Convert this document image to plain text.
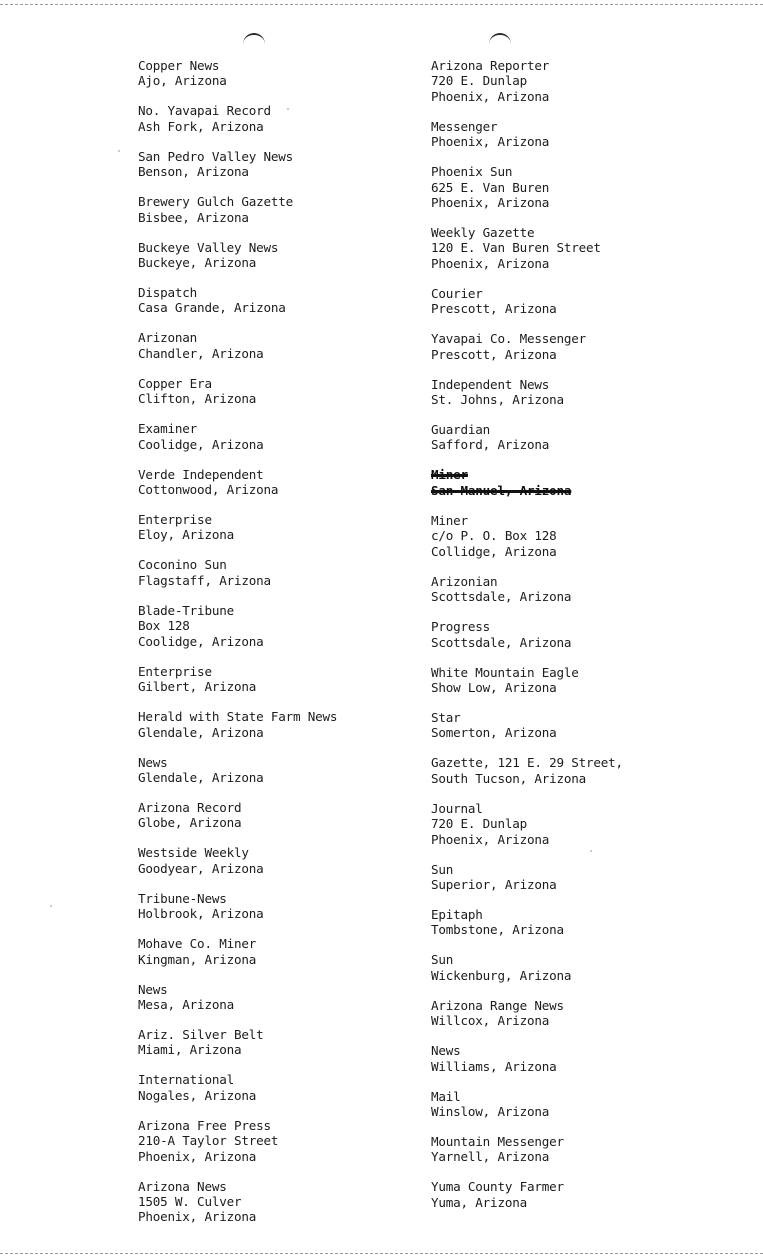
Copper News
Ajo, Arizona
No. Yavapai Record
Ash Fork, Arizona
San Pedro Valley News
Benson, Arizona
Brewery Gulch Gazette
Bisbee, Arizona
Buckeye Valley News
Buckeye, Arizona
Dispatch
Casa Grande, Arizona
Arizonan
Chandler, Arizona
Copper Era
Clifton, Arizona
Examiner
Coolidge, Arizona
Verde Independent
Cottonwood, Arizona
Enterprise
Eloy, Arizona
Coconino Sun
Flagstaff, Arizona
Blade-Tribune
Box 128
Coolidge, Arizona
Enterprise
Gilbert, Arizona
Herald with State Farm News
Glendale, Arizona
News
Glendale, Arizona
Arizona Record
Globe, Arizona
Westside Weekly
Goodyear, Arizona
Tribune-News
Holbrook, Arizona
Mohave Co. Miner
Kingman, Arizona
News
Mesa, Arizona
Ariz. Silver Belt
Miami, Arizona
International
Nogales, Arizona
Arizona Free Press
210-A Taylor Street
Phoenix, Arizona
Arizona News
1505 W. Culver
Phoenix, Arizona
Arizona Reporter
720 E. Dunlap
Phoenix, Arizona
Messenger
Phoenix, Arizona
Phoenix Sun
625 E. Van Buren
Phoenix, Arizona
Weekly Gazette
120 E. Van Buren Street
Phoenix, Arizona
Courier
Prescott, Arizona
Yavapai Co. Messenger
Prescott, Arizona
Independent News
St. Johns, Arizona
Guardian
Safford, Arizona
Miner
San Manuel, Arizona
Miner
c/o P. O. Box 128
Collidge, Arizona
Arizonian
Scottsdale, Arizona
Progress
Scottsdale, Arizona
White Mountain Eagle
Show Low, Arizona
Star
Somerton, Arizona
Gazette, 121 E. 29 Street,
South Tucson, Arizona
Journal
720 E. Dunlap
Phoenix, Arizona
Sun
Superior, Arizona
Epitaph
Tombstone, Arizona
Sun
Wickenburg, Arizona
Arizona Range News
Willcox, Arizona
News
Williams, Arizona
Mail
Winslow, Arizona
Mountain Messenger
Yarnell, Arizona
Yuma County Farmer
Yuma, Arizona
